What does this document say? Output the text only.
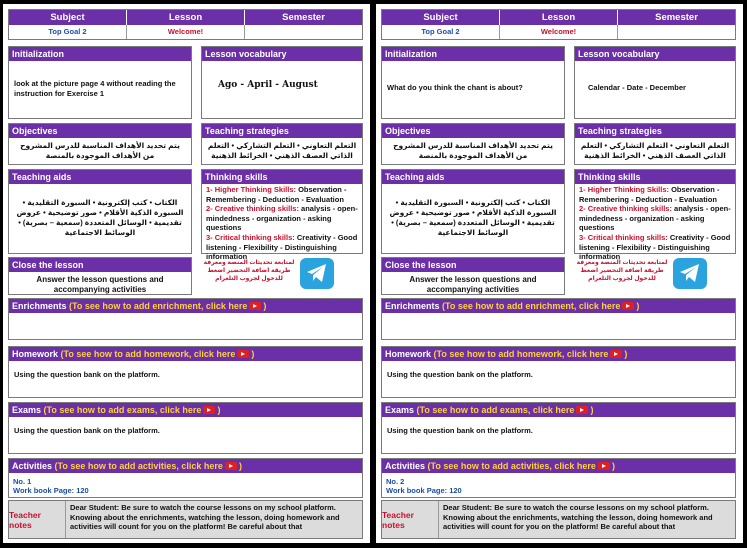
Subject	Lesson	Semester
Top Goal 2	Welcome!
Initialization
look at the picture page 4 without reading the instruction for Exercise 1
Lesson vocabulary
Ago - April - August
Objectives
يتم تحديد الأهداف المناسبة للدرس المشروح من الأهداف الموجودة بالمنصة
Teaching strategies
التعلم التعاوني • التعلم التشاركي • التعلم الذاتي العصف الذهني • الخرائط الذهنية
Teaching aids
الكتاب • كتب إلكترونية • السبورة التقليدية • السبورة الذكية الأقلام • صور توضيحية • عروض تقديمية • الوسائل المتعددة (سمعية – بصرية) • الوسائط الاجتماعية
Thinking skills
1- Higher Thinking Skills: Observation - Remembering - Deduction - Evaluation
2- Creative thinking skills: analysis - open-mindedness - organization - asking questions
3- Critical thinking skills: Creativity - Good listening - Flexibility - Distinguishing information
Close the lesson
Answer the lesson questions and accompanying activities
لمتابعة تحديثات المنصة ومعرفة طريقة اضافة التحضير اضغط للدخول لجروب التلغرام
Enrichments (To see how to add enrichment, click here )
Homework (To see how to add homework, click here )
Using the question bank on the platform.
Exams (To see how to add exams, click here )
Using the question bank on the platform.
Activities (To see how to add activities, click here )
No. 1
Work book Page: 120
Teacher notes
Dear Student: Be sure to watch the course lessons on my school platform. Knowing about the enrichments, watching the lesson, doing homework and activities will count for you on the platform! Be careful about that
Subject	Lesson	Semester
Top Goal 2	Welcome!
Initialization
What do you think the chant is about?
Lesson vocabulary
Calendar - Date - December
Objectives
يتم تحديد الأهداف المناسبة للدرس المشروح من الأهداف الموجودة بالمنصة
Teaching strategies
التعلم التعاوني • التعلم التشاركي • التعلم الذاتي العصف الذهني • الخرائط الذهنية
Teaching aids
الكتاب • كتب إلكترونية • السبورة التقليدية • السبورة الذكية الأقلام • صور توضيحية • عروض تقديمية • الوسائل المتعددة (سمعية – بصرية) • الوسائط الاجتماعية
Thinking skills
1- Higher Thinking Skills: Observation - Remembering - Deduction - Evaluation
2- Creative thinking skills: analysis - open-mindedness - organization - asking questions
3- Critical thinking skills: Creativity - Good listening - Flexibility - Distinguishing information
Close the lesson
Answer the lesson questions and accompanying activities
لمتابعة تحديثات المنصة ومعرفة طريقة اضافة التحضير اضغط للدخول لجروب التلغرام
Enrichments (To see how to add enrichment, click here )
Homework (To see how to add homework, click here )
Using the question bank on the platform.
Exams (To see how to add exams, click here )
Using the question bank on the platform.
Activities (To see how to add activities, click here )
No. 2
Work book Page: 120
Teacher notes
Dear Student: Be sure to watch the course lessons on my school platform. Knowing about the enrichments, watching the lesson, doing homework and activities will count for you on the platform! Be careful about that
